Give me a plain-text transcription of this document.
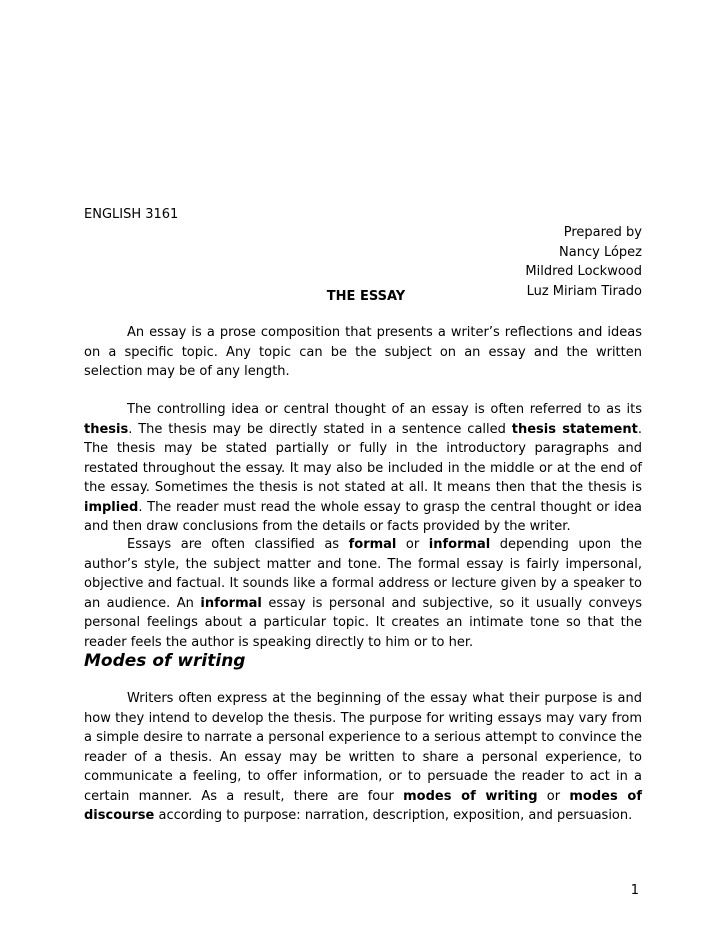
ENGLISH 3161
Prepared by
Nancy López
Mildred Lockwood
Luz Miriam Tirado
THE ESSAY

An essay is a prose composition that presents a writer’s reflections and ideas on a specific topic. Any topic can be the subject on an essay and the written selection may be of any length.

The controlling idea or central thought of an essay is often referred to as its thesis. The thesis may be directly stated in a sentence called thesis statement. The thesis may be stated partially or fully in the introductory paragraphs and restated throughout the essay. It may also be included in the middle or at the end of the essay. Sometimes the thesis is not stated at all. It means then that the thesis is implied. The reader must read the whole essay to grasp the central thought or idea and then draw conclusions from the details or facts provided by the writer.

Essays are often classified as formal or informal depending upon the author’s style, the subject matter and tone. The formal essay is fairly impersonal, objective and factual. It sounds like a formal address or lecture given by a speaker to an audience. An informal essay is personal and subjective, so it usually conveys personal feelings about a particular topic. It creates an intimate tone so that the reader feels the author is speaking directly to him or to her.

Modes of writing

Writers often express at the beginning of the essay what their purpose is and how they intend to develop the thesis. The purpose for writing essays may vary from a simple desire to narrate a personal experience to a serious attempt to convince the reader of a thesis. An essay may be written to share a personal experience, to communicate a feeling, to offer information, or to persuade the reader to act in a certain manner. As a result, there are four modes of writing or modes of discourse according to purpose: narration, description, exposition, and persuasion.

1
